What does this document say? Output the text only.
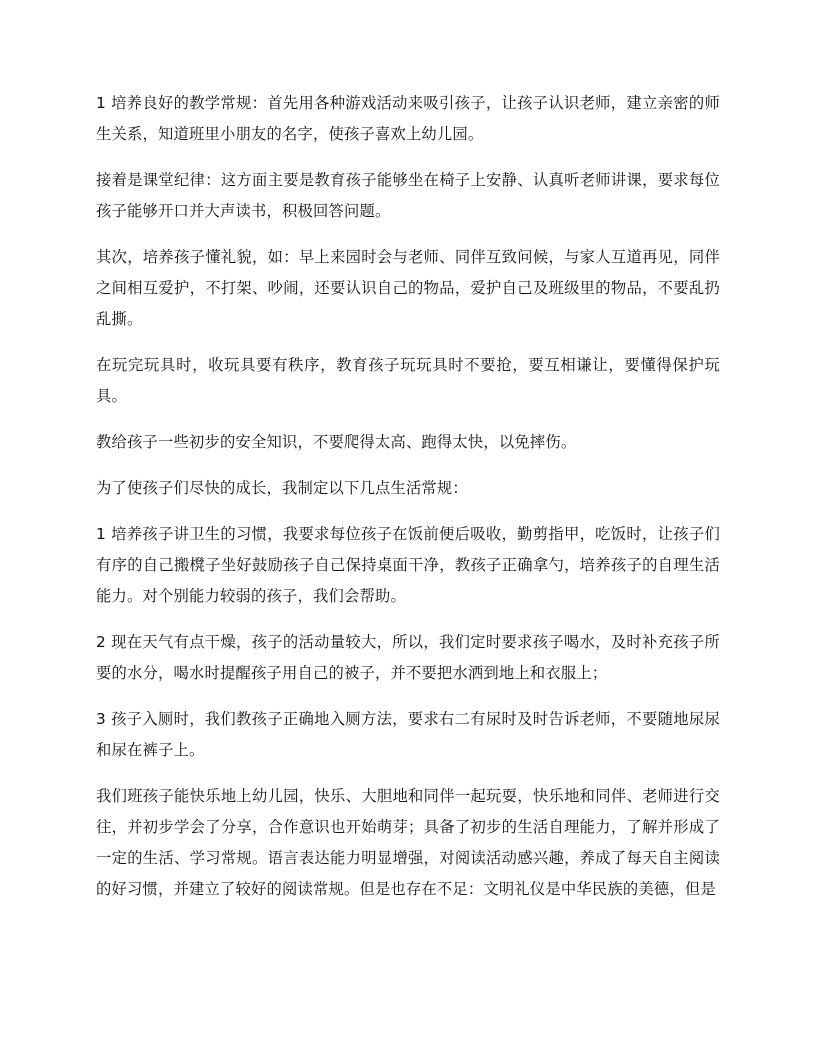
1 培养良好的教学常规：首先用各种游戏活动来吸引孩子，让孩子认识老师，建立亲密的师生关系，知道班里小朋友的名字，使孩子喜欢上幼儿园。

接着是课堂纪律：这方面主要是教育孩子能够坐在椅子上安静、认真听老师讲课，要求每位孩子能够开口并大声读书，积极回答问题。

其次，培养孩子懂礼貌，如：早上来园时会与老师、同伴互致问候，与家人互道再见，同伴之间相互爱护，不打架、吵闹，还要认识自己的物品，爱护自己及班级里的物品，不要乱扔乱撕。

在玩完玩具时，收玩具要有秩序，教育孩子玩玩具时不要抢，要互相谦让，要懂得保护玩具。

教给孩子一些初步的安全知识，不要爬得太高、跑得太快，以免摔伤。

为了使孩子们尽快的成长，我制定以下几点生活常规：

1 培养孩子讲卫生的习惯，我要求每位孩子在饭前便后吸收，勤剪指甲，吃饭时，让孩子们有序的自己搬櫈子坐好鼓励孩子自己保持桌面干净，教孩子正确拿勺，培养孩子的自理生活能力。对个别能力较弱的孩子，我们会帮助。

2 现在天气有点干燥，孩子的活动量较大，所以，我们定时要求孩子喝水，及时补充孩子所要的水分，喝水时提醒孩子用自己的被子，并不要把水洒到地上和衣服上；

3 孩子入厕时，我们教孩子正确地入厕方法，要求右二有尿时及时告诉老师，不要随地尿尿和尿在裤子上。

我们班孩子能快乐地上幼儿园，快乐、大胆地和同伴一起玩耍，快乐地和同伴、老师进行交往，并初步学会了分享，合作意识也开始萌芽；具备了初步的生活自理能力，了解并形成了一定的生活、学习常规。语言表达能力明显增强，对阅读活动感兴趣，养成了每天自主阅读的好习惯，并建立了较好的阅读常规。但是也存在不足：文明礼仪是中华民族的美德，但是
